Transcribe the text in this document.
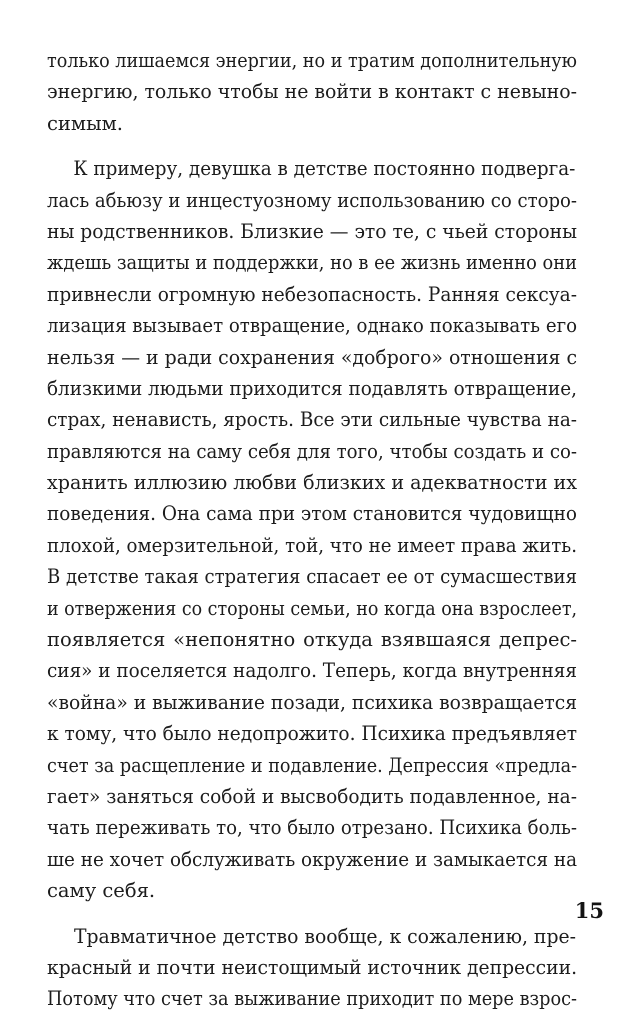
только лишаемся энергии, но и тратим дополнительную
энергию, только чтобы не войти в контакт с невыно-
симым.

К примеру, девушка в детстве постоянно подверга-
лась абьюзу и инцестуозному использованию со сторо-
ны родственников. Близкие — это те, с чьей стороны
ждешь защиты и поддержки, но в ее жизнь именно они
привнесли огромную небезопасность. Ранняя сексуа-
лизация вызывает отвращение, однако показывать его
нельзя — и ради сохранения «доброго» отношения с
близкими людьми приходится подавлять отвращение,
страх, ненависть, ярость. Все эти сильные чувства на-
правляются на саму себя для того, чтобы создать и со-
хранить иллюзию любви близких и адекватности их
поведения. Она сама при этом становится чудовищно
плохой, омерзительной, той, что не имеет права жить.
В детстве такая стратегия спасает ее от сумасшествия
и отвержения со стороны семьи, но когда она взрослеет,
появляется «непонятно откуда взявшаяся депрес-
сия» и поселяется надолго. Теперь, когда внутренняя
«война» и выживание позади, психика возвращается
к тому, что было недопрожито. Психика предъявляет
счет за расщепление и подавление. Депрессия «предла-
гает» заняться собой и высвободить подавленное, на-
чать переживать то, что было отрезано. Психика боль-
ше не хочет обслуживать окружение и замыкается на
саму себя.

Травматичное детство вообще, к сожалению, пре-
красный и почти неистощимый источник депрессии.
Потому что счет за выживание приходит по мере взрос-

15
